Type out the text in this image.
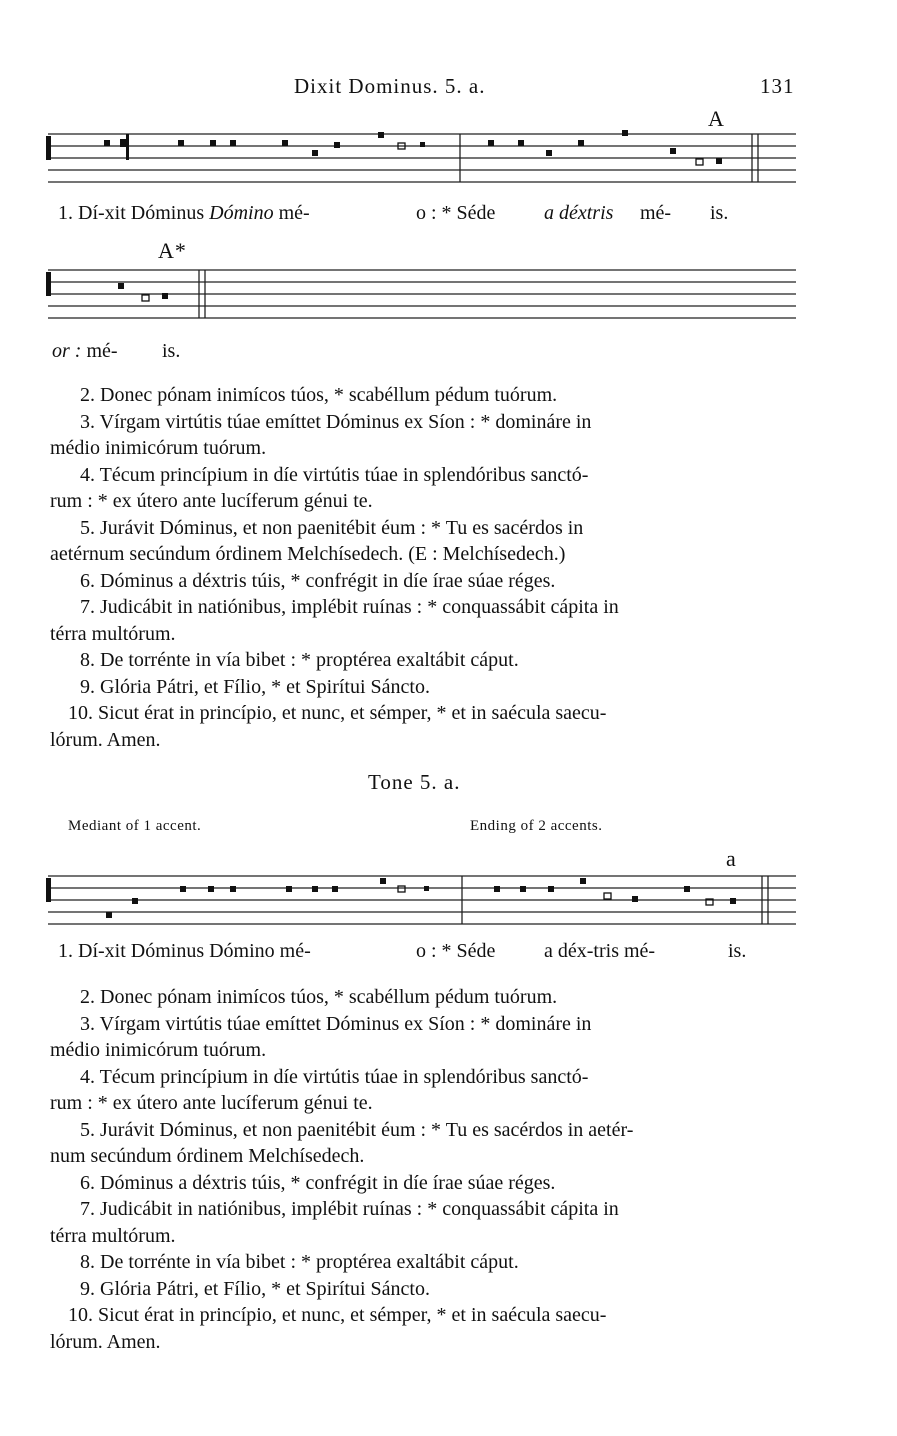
Dixit Dominus. 5. a.	131
A
1. Dí-xit Dóminus Dómino mé-	o : * Séde a déxtris mé- is.
A*
or : mé- is.
2. Donec pónam inimícos túos, * scabéllum pédum tuórum.
3. Vírgam virtútis túae emíttet Dóminus ex Síon : * domináre in
médio inimicórum tuórum.
4. Técum princípium in díe virtútis túae in splendóribus sanctó-
rum : * ex útero ante lucíferum génui te.
5. Jurávit Dóminus, et non paenitébit éum : * Tu es sacérdos in
aetérnum secúndum órdinem Melchísedech. (E : Melchísedech.)
6. Dóminus a déxtris túis, * confrégit in díe írae súae réges.
7. Judicábit in natiónibus, implébit ruínas : * conquassábit cápita in
térra multórum.
8. De torrénte in vía bibet : * proptérea exaltábit cáput.
9. Glória Pátri, et Fílio, * et Spirítui Sáncto.
10. Sicut érat in princípio, et nunc, et sémper, * et in saécula saecu-
lórum. Amen.
Tone 5. a.
Mediant of 1 accent.	Ending of 2 accents.
a
1. Dí-xit Dóminus Dómino mé-	o : * Séde a déx-tris mé-	is.
2. Donec pónam inimícos túos, * scabéllum pédum tuórum.
3. Vírgam virtútis túae emíttet Dóminus ex Síon : * domináre in
médio inimicórum tuórum.
4. Técum princípium in díe virtútis túae in splendóribus sanctó-
rum : * ex útero ante lucíferum génui te.
5. Jurávit Dóminus, et non paenitébit éum : * Tu es sacérdos in aetér-
num secúndum órdinem Melchísedech.
6. Dóminus a déxtris túis, * confrégit in díe írae súae réges.
7. Judicábit in natiónibus, implébit ruínas : * conquassábit cápita in
térra multórum.
8. De torrénte in vía bibet : * proptérea exaltábit cáput.
9. Glória Pátri, et Fílio, * et Spirítui Sáncto.
10. Sicut érat in princípio, et nunc, et sémper, * et in saécula saecu-
lórum. Amen.
